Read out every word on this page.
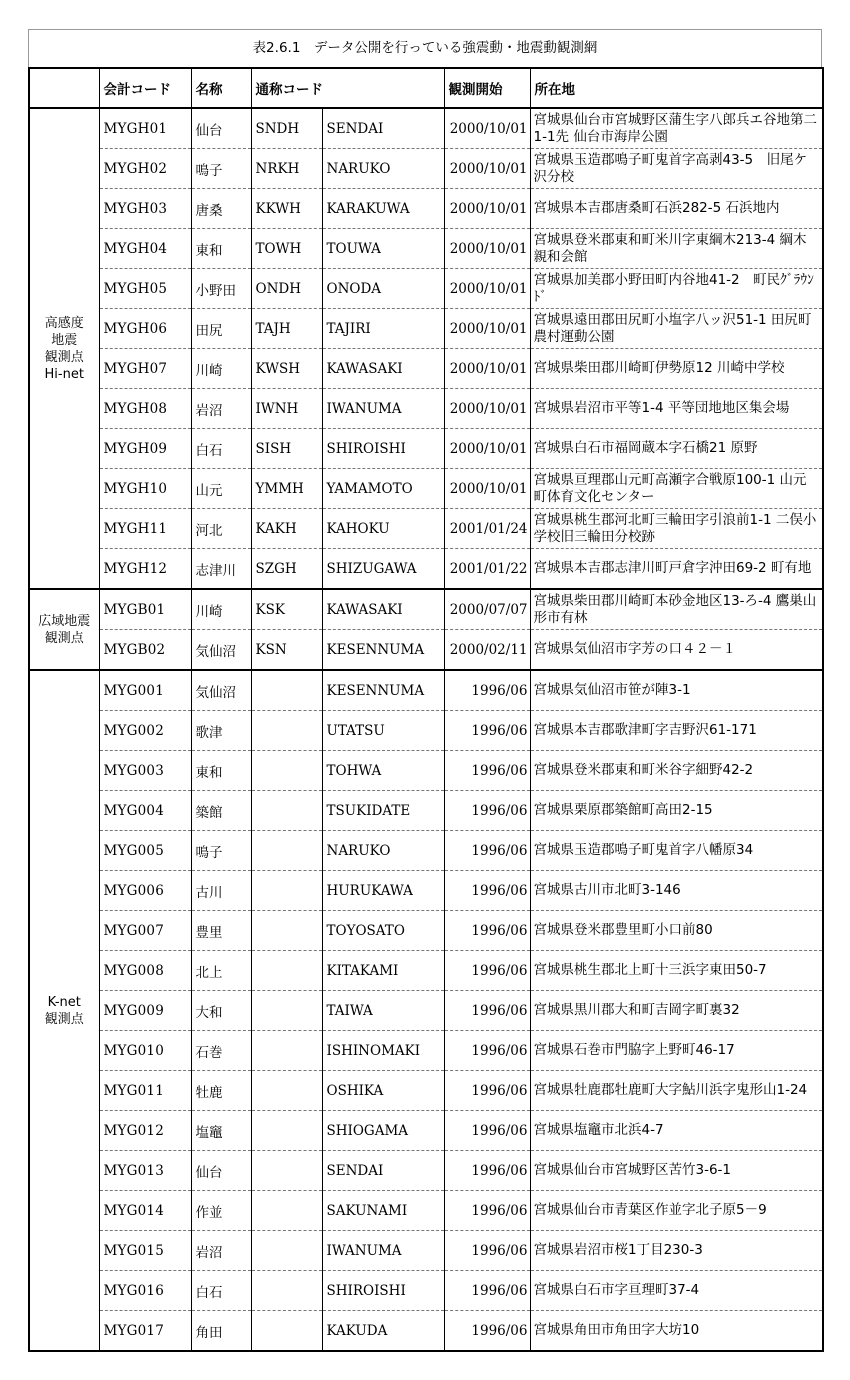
表2.6.1　データ公開を行っている強震動・地震動観測網
	会計コード	名称	通称コード		観測開始	所在地

高感度
地震
観測点
Hi-net	MYGH01	仙台	SNDH	SENDAI	2000/10/01	宮城県仙台市宮城野区蒲生字八郎兵エ谷地第二1-1先 仙台市海岸公園
	MYGH02	鳴子	NRKH	NARUKO	2000/10/01	宮城県玉造郡鳴子町鬼首字高剥43-5　旧尾ケ沢分校
	MYGH03	唐桑	KKWH	KARAKUWA	2000/10/01	宮城県本吉郡唐桑町石浜282-5 石浜地内
	MYGH04	東和	TOWH	TOUWA	2000/10/01	宮城県登米郡東和町米川字東綱木213-4 綱木親和会館
	MYGH05	小野田	ONDH	ONODA	2000/10/01	宮城県加美郡小野田町内谷地41-2　町民ｸﾞﾗｳﾝﾄﾞ
	MYGH06	田尻	TAJH	TAJIRI	2000/10/01	宮城県遠田郡田尻町小塩字八ッ沢51-1 田尻町農村運動公園
	MYGH07	川崎	KWSH	KAWASAKI	2000/10/01	宮城県柴田郡川崎町伊勢原12 川崎中学校
	MYGH08	岩沼	IWNH	IWANUMA	2000/10/01	宮城県岩沼市平等1-4 平等団地地区集会場
	MYGH09	白石	SISH	SHIROISHI	2000/10/01	宮城県白石市福岡蔵本字石橋21 原野
	MYGH10	山元	YMMH	YAMAMOTO	2000/10/01	宮城県亘理郡山元町高瀬字合戦原100-1 山元町体育文化センター
	MYGH11	河北	KAKH	KAHOKU	2001/01/24	宮城県桃生郡河北町三輪田字引浪前1-1 二俣小学校旧三輪田分校跡
	MYGH12	志津川	SZGH	SHIZUGAWA	2001/01/22	宮城県本吉郡志津川町戸倉字沖田69-2 町有地

広域地震
観測点	MYGB01	川崎	KSK	KAWASAKI	2000/07/07	宮城県柴田郡川崎町本砂金地区13-ろ-4 鷹巣山形市有林
	MYGB02	気仙沼	KSN	KESENNUMA	2000/02/11	宮城県気仙沼市字芳の口４２－１

K-net
観測点	MYG001	気仙沼		KESENNUMA	1996/06	宮城県気仙沼市笹が陣3-1
	MYG002	歌津		UTATSU	1996/06	宮城県本吉郡歌津町字吉野沢61-171
	MYG003	東和		TOHWA	1996/06	宮城県登米郡東和町米谷字細野42-2
	MYG004	築館		TSUKIDATE	1996/06	宮城県栗原郡築館町高田2-15
	MYG005	鳴子		NARUKO	1996/06	宮城県玉造郡鳴子町鬼首字八幡原34
	MYG006	古川		HURUKAWA	1996/06	宮城県古川市北町3-146
	MYG007	豊里		TOYOSATO	1996/06	宮城県登米郡豊里町小口前80
	MYG008	北上		KITAKAMI	1996/06	宮城県桃生郡北上町十三浜字東田50-7
	MYG009	大和		TAIWA	1996/06	宮城県黒川郡大和町吉岡字町裏32
	MYG010	石巻		ISHINOMAKI	1996/06	宮城県石巻市門脇字上野町46-17
	MYG011	牡鹿		OSHIKA	1996/06	宮城県牡鹿郡牡鹿町大字鮎川浜字鬼形山1-24
	MYG012	塩竈		SHIOGAMA	1996/06	宮城県塩竈市北浜4-7
	MYG013	仙台		SENDAI	1996/06	宮城県仙台市宮城野区苦竹3-6-1
	MYG014	作並		SAKUNAMI	1996/06	宮城県仙台市青葉区作並字北子原5－9
	MYG015	岩沼		IWANUMA	1996/06	宮城県岩沼市桜1丁目230-3
	MYG016	白石		SHIROISHI	1996/06	宮城県白石市字亘理町37-4
	MYG017	角田		KAKUDA	1996/06	宮城県角田市角田字大坊10
